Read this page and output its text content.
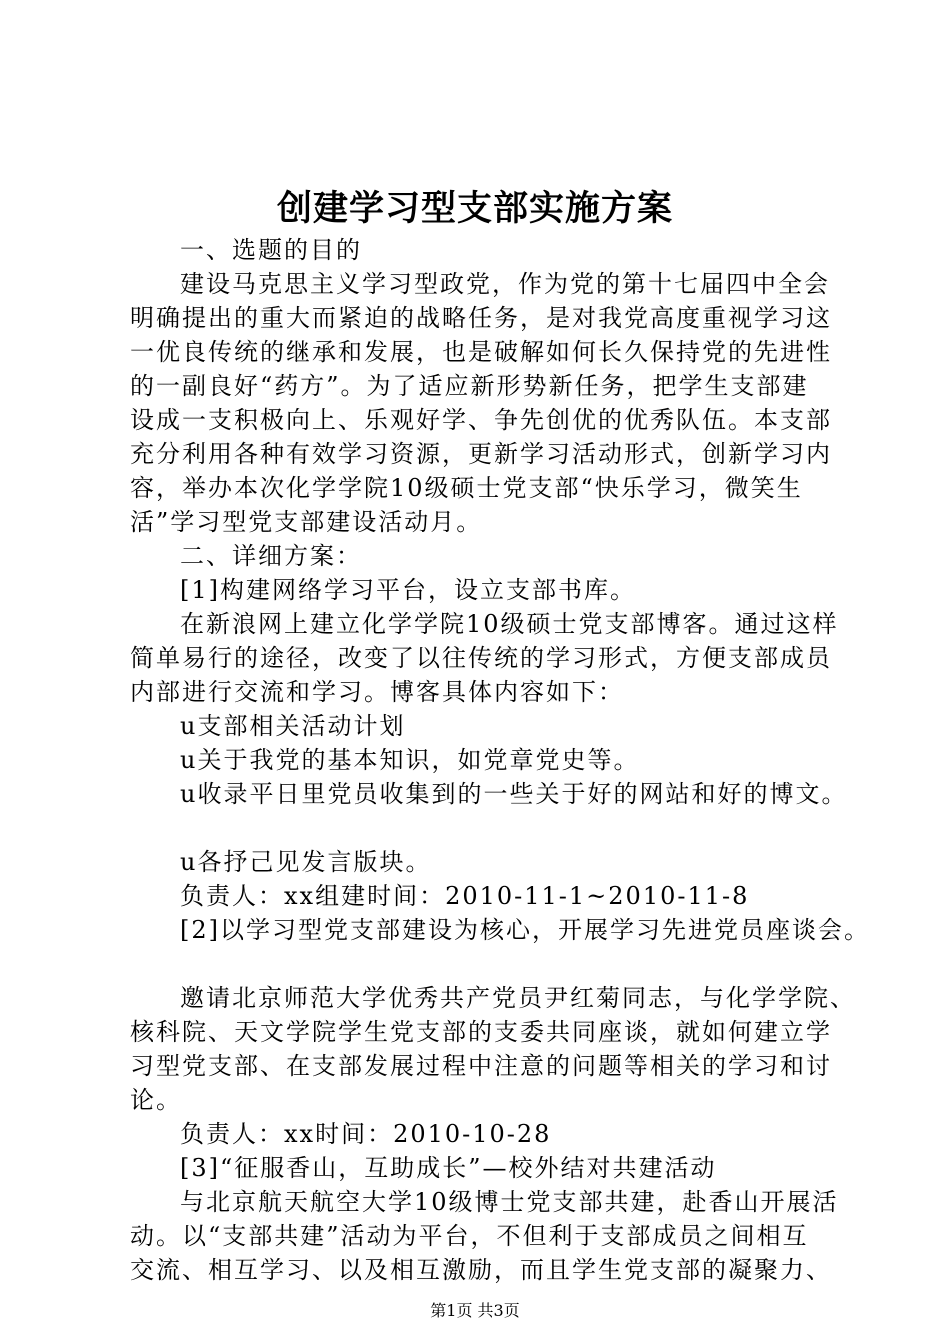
创建学习型支部实施方案
一、选题的目的
建设马克思主义学习型政党，作为党的第十七届四中全会
明确提出的重大而紧迫的战略任务，是对我党高度重视学习这
一优良传统的继承和发展，也是破解如何长久保持党的先进性
的一副良好“药方”。为了适应新形势新任务，把学生支部建
设成一支积极向上、乐观好学、争先创优的优秀队伍。本支部
充分利用各种有效学习资源，更新学习活动形式，创新学习内
容，举办本次化学学院10级硕士党支部“快乐学习，微笑生
活”学习型党支部建设活动月。
二、详细方案：
[1]构建网络学习平台，设立支部书库。
在新浪网上建立化学学院10级硕士党支部博客。通过这样
简单易行的途径，改变了以往传统的学习形式，方便支部成员
内部进行交流和学习。博客具体内容如下：
u支部相关活动计划
u关于我党的基本知识，如党章党史等。
u收录平日里党员收集到的一些关于好的网站和好的博文。
u各抒己见发言版块。
负责人：xx组建时间：2010-11-1~2010-11-8
[2]以学习型党支部建设为核心，开展学习先进党员座谈会。
邀请北京师范大学优秀共产党员尹红菊同志，与化学学院、
核科院、天文学院学生党支部的支委共同座谈，就如何建立学
习型党支部、在支部发展过程中注意的问题等相关的学习和讨
论。
负责人：xx时间：2010-10-28
[3]“征服香山，互助成长”—校外结对共建活动
与北京航天航空大学10级博士党支部共建，赴香山开展活
动。以“支部共建”活动为平台，不但利于支部成员之间相互
交流、相互学习、以及相互激励，而且学生党支部的凝聚力、
第1页 共3页
